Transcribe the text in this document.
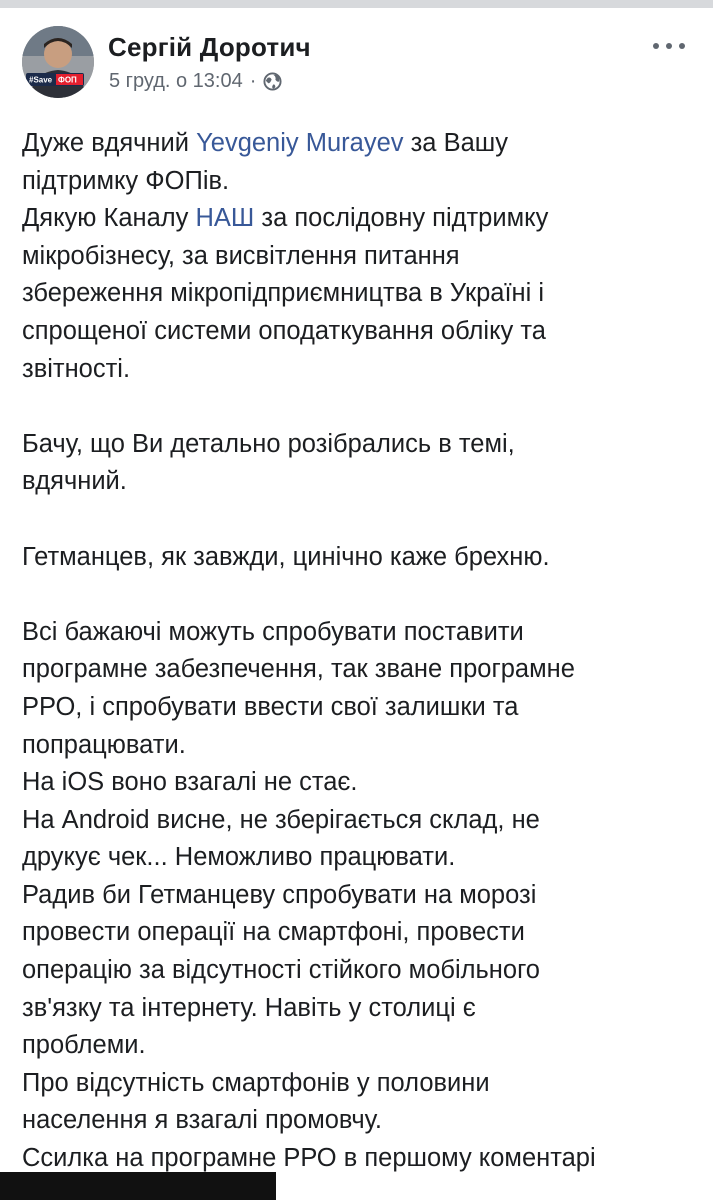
#Save ФОП
Сергій Доротич
5 груд. о 13:04 ·
Дуже вдячний Yevgeniy Murayev за Вашу
підтримку ФОПів.
Дякую Каналу НАШ за послідовну підтримку
мікробізнесу, за висвітлення питання
збереження мікропідприємництва в Україні і
спрощеної системи оподаткування обліку та
звітності.
Бачу, що Ви детально розібрались в темі,
вдячний.
Гетманцев, як завжди, цинічно каже брехню.
Всі бажаючі можуть спробувати поставити
програмне забезпечення, так зване програмне
РРО, і спробувати ввести свої залишки та
попрацювати.
На iOS воно взагалі не стає.
На Android висне, не зберігається склад, не
друкує чек... Неможливо працювати.
Радив би Гетманцеву спробувати на морозі
провести операції на смартфоні, провести
операцію за відсутності стійкого мобільного
зв'язку та інтернету. Навіть у столиці є
проблеми.
Про відсутність смартфонів у половини
населення я взагалі промовчу.
Ссилка на програмне РРО в першому коментарі
